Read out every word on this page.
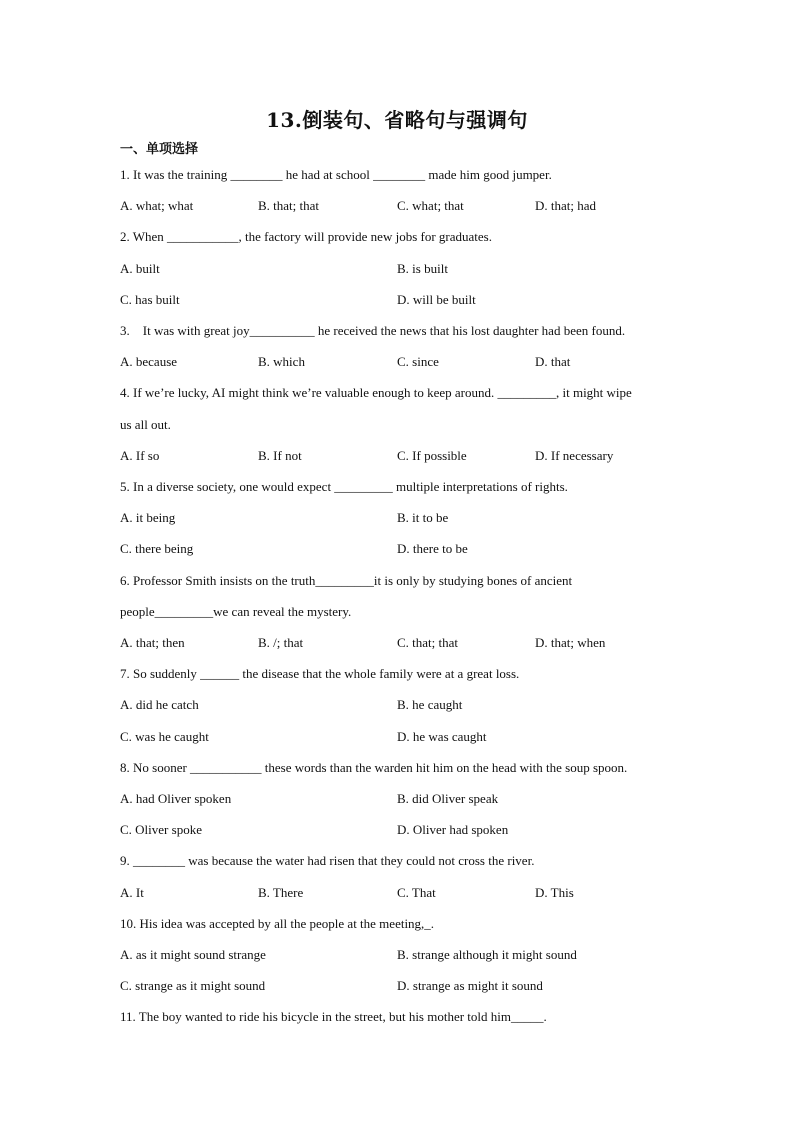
13.倒装句、省略句与强调句
一、单项选择
1. It was the training ________ he had at school ________ made him good jumper.
A. what; what	B. that; that	C. what; that	D. that; had
2. When ___________, the factory will provide new jobs for graduates.
A. built	B. is built
C. has built	D. will be built
3.    It was with great joy__________ he received the news that his lost daughter had been found.
A. because	B. which	C. since	D. that
4. If we’re lucky, AI might think we’re valuable enough to keep around. _________, it might wipe
us all out.
A. If so	B. If not	C. If possible	D. If necessary
5. In a diverse society, one would expect _________ multiple interpretations of rights.
A. it being	B. it to be
C. there being	D. there to be
6. Professor Smith insists on the truth_________it is only by studying bones of ancient
people_________we can reveal the mystery.
A. that; then	B. /; that	C. that; that	D. that; when
7. So suddenly ______ the disease that the whole family were at a great loss.
A. did he catch	B. he caught
C. was he caught	D. he was caught
8. No sooner ___________ these words than the warden hit him on the head with the soup spoon.
A. had Oliver spoken	B. did Oliver speak
C. Oliver spoke	D. Oliver had spoken
9. ________ was because the water had risen that they could not cross the river.
A. It	B. There	C. That	D. This
10. His idea was accepted by all the people at the meeting,_.
A. as it might sound strange	B. strange although it might sound
C. strange as it might sound	D. strange as might it sound
11. The boy wanted to ride his bicycle in the street, but his mother told him_____.
